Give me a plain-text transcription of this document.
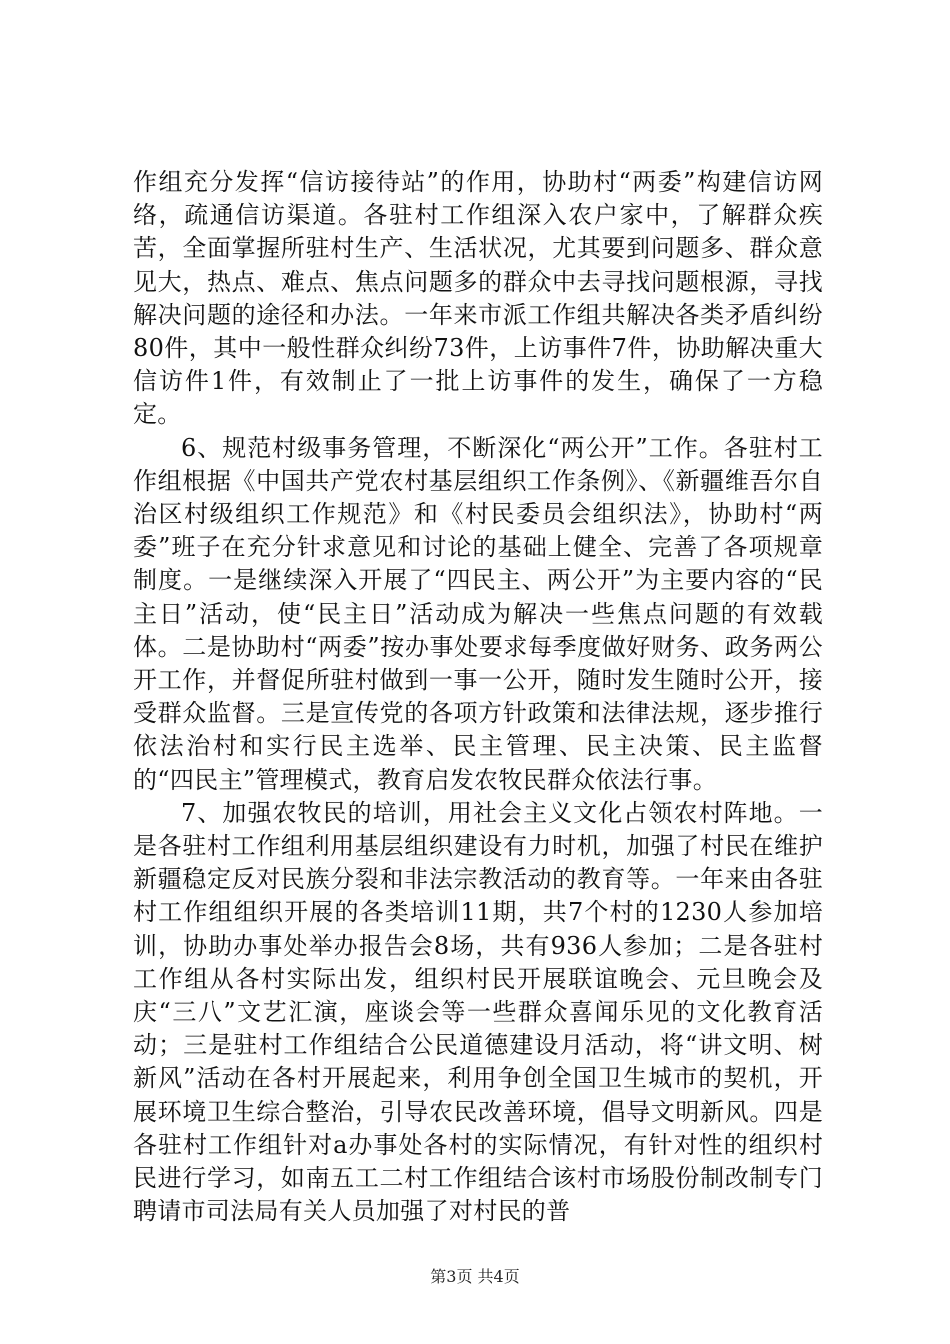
作组充分发挥“信访接待站”的作用，协助村“两委”构建信访网络，疏通信访渠道。各驻村工作组深入农户家中，了解群众疾苦，全面掌握所驻村生产、生活状况，尤其要到问题多、群众意见大，热点、难点、焦点问题多的群众中去寻找问题根源，寻找解决问题的途径和办法。一年来市派工作组共解决各类矛盾纠纷80件，其中一般性群众纠纷73件，上访事件7件，协助解决重大信访件1件，有效制止了一批上访事件的发生，确保了一方稳定。

6、规范村级事务管理，不断深化“两公开”工作。各驻村工作组根据《中国共产党农村基层组织工作条例》、《新疆维吾尔自治区村级组织工作规范》和《村民委员会组织法》，协助村“两委”班子在充分针求意见和讨论的基础上健全、完善了各项规章制度。一是继续深入开展了“四民主、两公开”为主要内容的“民主日”活动，使“民主日”活动成为解决一些焦点问题的有效载体。二是协助村“两委”按办事处要求每季度做好财务、政务两公开工作，并督促所驻村做到一事一公开，随时发生随时公开，接受群众监督。三是宣传党的各项方针政策和法律法规，逐步推行依法治村和实行民主选举、民主管理、民主决策、民主监督的“四民主”管理模式，教育启发农牧民群众依法行事。

7、加强农牧民的培训，用社会主义文化占领农村阵地。一是各驻村工作组利用基层组织建设有力时机，加强了村民在维护新疆稳定反对民族分裂和非法宗教活动的教育等。一年来由各驻村工作组组织开展的各类培训11期，共7个村的1230人参加培训，协助办事处举办报告会8场，共有936人参加；二是各驻村工作组从各村实际出发，组织村民开展联谊晚会、元旦晚会及庆“三八”文艺汇演，座谈会等一些群众喜闻乐见的文化教育活动；三是驻村工作组结合公民道德建设月活动，将“讲文明、树新风”活动在各村开展起来，利用争创全国卫生城市的契机，开展环境卫生综合整治，引导农民改善环境，倡导文明新风。四是各驻村工作组针对a办事处各村的实际情况，有针对性的组织村民进行学习，如南五工二村工作组结合该村市场股份制改制专门聘请市司法局有关人员加强了对村民的普

第3页 共4页
